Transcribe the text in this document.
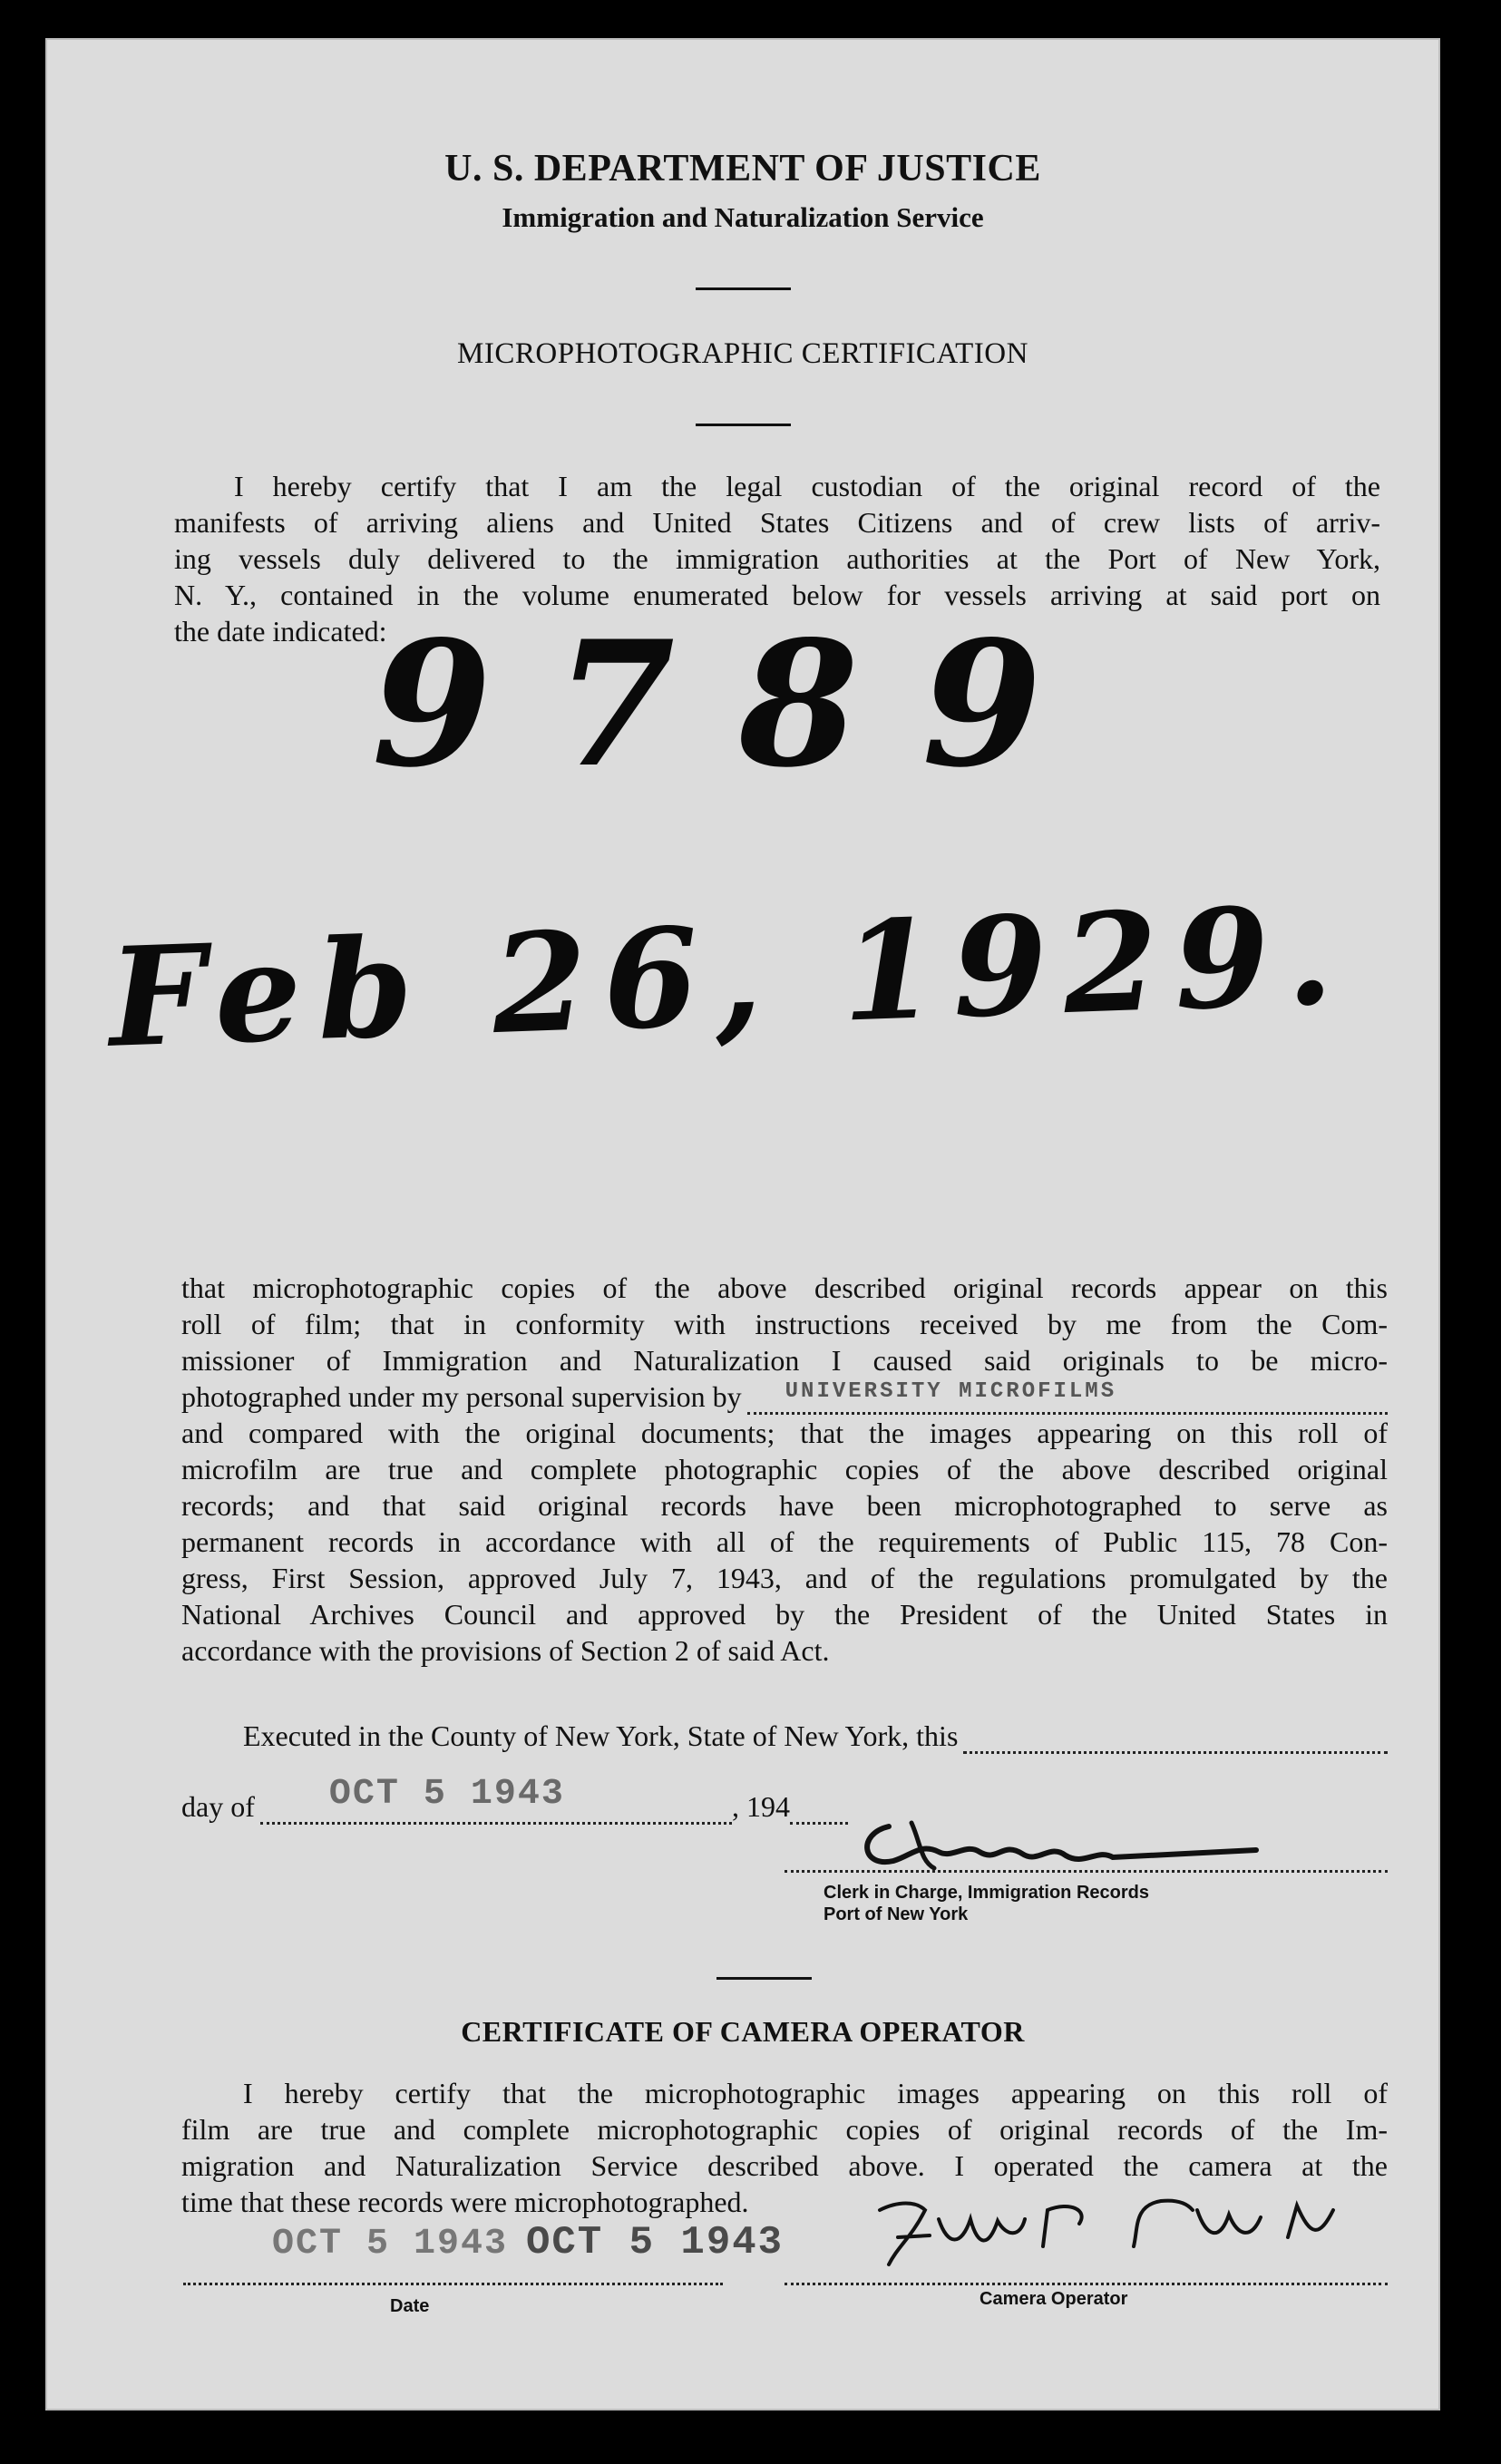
U. S. DEPARTMENT OF JUSTICE
Immigration and Naturalization Service
MICROPHOTOGRAPHIC CERTIFICATION
I hereby certify that I am the legal custodian of the original record of the
manifests of arriving aliens and United States Citizens and of crew lists of arriv-
ing vessels duly delivered to the immigration authorities at the Port of New York,
N. Y., contained in the volume enumerated below for vessels arriving at said port on
the date indicated:
9789
Feb 26, 1929.
that microphotographic copies of the above described original records appear on this
roll of film; that in conformity with instructions received by me from the Com-
missioner of Immigration and Naturalization I caused said originals to be micro-
photographed under my personal supervision by UNIVERSITY MICROFILMS
and compared with the original documents; that the images appearing on this roll of
microfilm are true and complete photographic copies of the above described original
records; and that said original records have been microphotographed to serve as
permanent records in accordance with all of the requirements of Public 115, 78 Con-
gress, First Session, approved July 7, 1943, and of the regulations promulgated by the
National Archives Council and approved by the President of the United States in
accordance with the provisions of Section 2 of said Act.
Executed in the County of New York, State of New York, this
day of OCT 5 1943	, 194
Clerk in Charge, Immigration Records
Port of New York
CERTIFICATE OF CAMERA OPERATOR
I hereby certify that the microphotographic images appearing on this roll of
film are true and complete microphotographic copies of original records of the Im-
migration and Naturalization Service described above. I operated the camera at the
time that these records were microphotographed.
OCT 5 1943 OCT 5 1943
Date	Camera Operator
